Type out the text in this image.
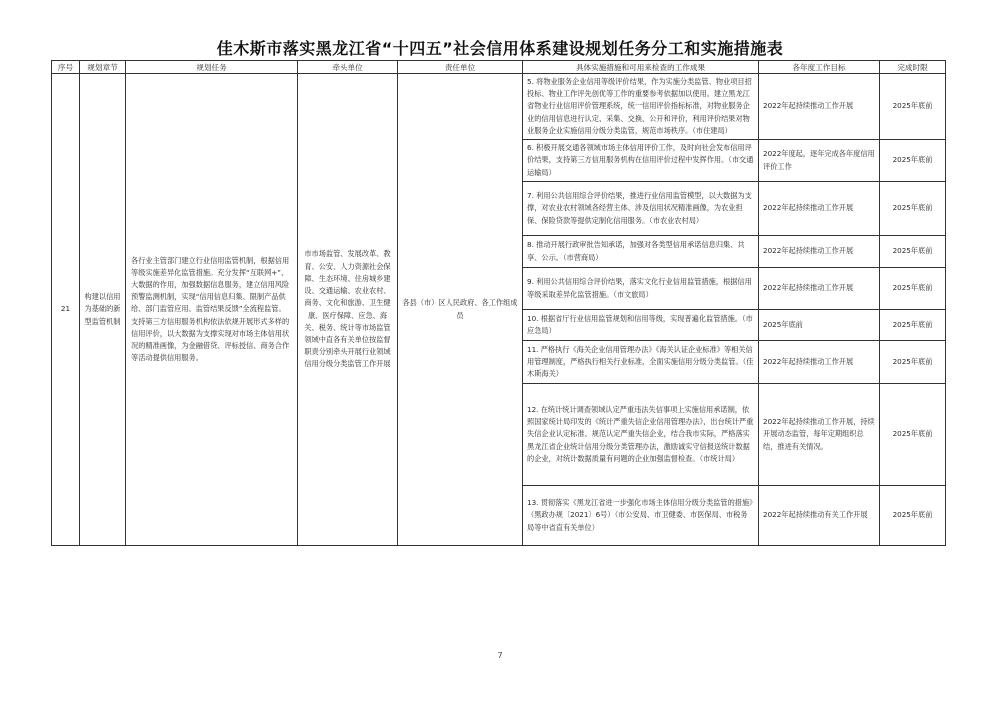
佳木斯市落实黑龙江省“十四五”社会信用体系建设规划任务分工和实施措施表
序号	规划章节	规划任务	牵头单位	责任单位	具体实施措施和可用来检查的工作成果	各年度工作目标	完成时限
21	构建以信用为基础的新型监管机制	各行业主管部门建立行业信用监管机制，根据信用等级实施差异化监管措施。充分发挥“互联网+”、大数据的作用，加强数据信息服务，建立信用风险预警监测机制，实现“信用信息归集、限制产品供给、部门监管应用、监管结果反馈”全流程监管。支持第三方信用服务机构依法依规开展形式多样的信用评价，以大数据为支撑实现对市场主体信用状况的精准画像，为金融借贷、评标授信、商务合作等活动提供信用服务。	市市场监管、发展改革、教育、公安、人力资源社会保障、生态环境、住房城乡建设、交通运输、农业农村、商务、文化和旅游、卫生健康、医疗保障、应急、海关、税务、统计等市场监管领域中直各有关单位按监督职责分别牵头开展行业领域信用分级分类监管工作开展	各县（市）区人民政府、各工作组成员	5. 将物业服务企业信用等级评价结果，作为实施分类监管、物业项目招投标、物业工作评先创优等工作的重要参考依据加以使用。建立黑龙江省物业行业信用评价管理系统，统一信用评价指标标准，对物业服务企业的信用信息进行认定、采集、交换、公开和评价，利用评价结果对物业服务企业实施信用分级分类监管，规范市场秩序。（市住建局）	2022年起持续推动工作开展	2025年底前
					6. 积极开展交通各领域市场主体信用评价工作，及时向社会发布信用评价结果，支持第三方信用服务机构在信用评价过程中发挥作用。（市交通运输局）	2022年度起，逐年完成各年度信用评价工作	2025年底前
					7. 利用公共信用综合评价结果，推进行业信用监管模型，以大数据为支撑，对农业农村领域各经营主体、涉及信用状况精准画像，为农业担保、保险贷款等提供定制化信用服务。（市农业农村局）	2022年起持续推动工作开展	2025年底前
					8. 推动开展行政审批告知承诺，加强对各类型信用承诺信息归集、共享、公示。（市营商局）	2022年起持续推动工作开展	2025年底前
					9. 利用公共信用综合评价结果，落实文化行业信用监管措施，根据信用等级采取差异化监管措施。（市文旅局）	2022年起持续推动工作开展	2025年底前
					10. 根据省厅行业信用监管规划和信用等级，实现普遍化监管措施。（市应急局）	2025年底前	2025年底前
					11. 严格执行《海关企业信用管理办法》《海关认证企业标准》等相关信用管理制度，严格执行相关行业标准，全面实施信用分级分类监管。（佳木斯海关）	2022年起持续推动工作开展	2025年底前
					12. 在统计统计调查领域认定严重违法失信事项上实施信用承诺制，依照国家统计局印发的《统计严重失信企业信用管理办法》，出台统计严重失信企业认定标准、规范认定严重失信企业，结合我市实际，严格落实黑龙江省企业统计信用分级分类管理办法，激励诚实守信报送统计数据的企业，对统计数据质量有问题的企业加强监督检查。（市统计局）	2022年起持续推动工作开展，持续开展动态监管，每年定期组织总结，推进有关情况。	2025年底前
					13. 贯彻落实《黑龙江省进一步强化市场主体信用分级分类监管的措施》（黑政办规〔2021〕6号）（市公安局、市卫健委、市医保局、市税务局等中省直有关单位）	2022年起持续推动有关工作开展	2025年底前
7
